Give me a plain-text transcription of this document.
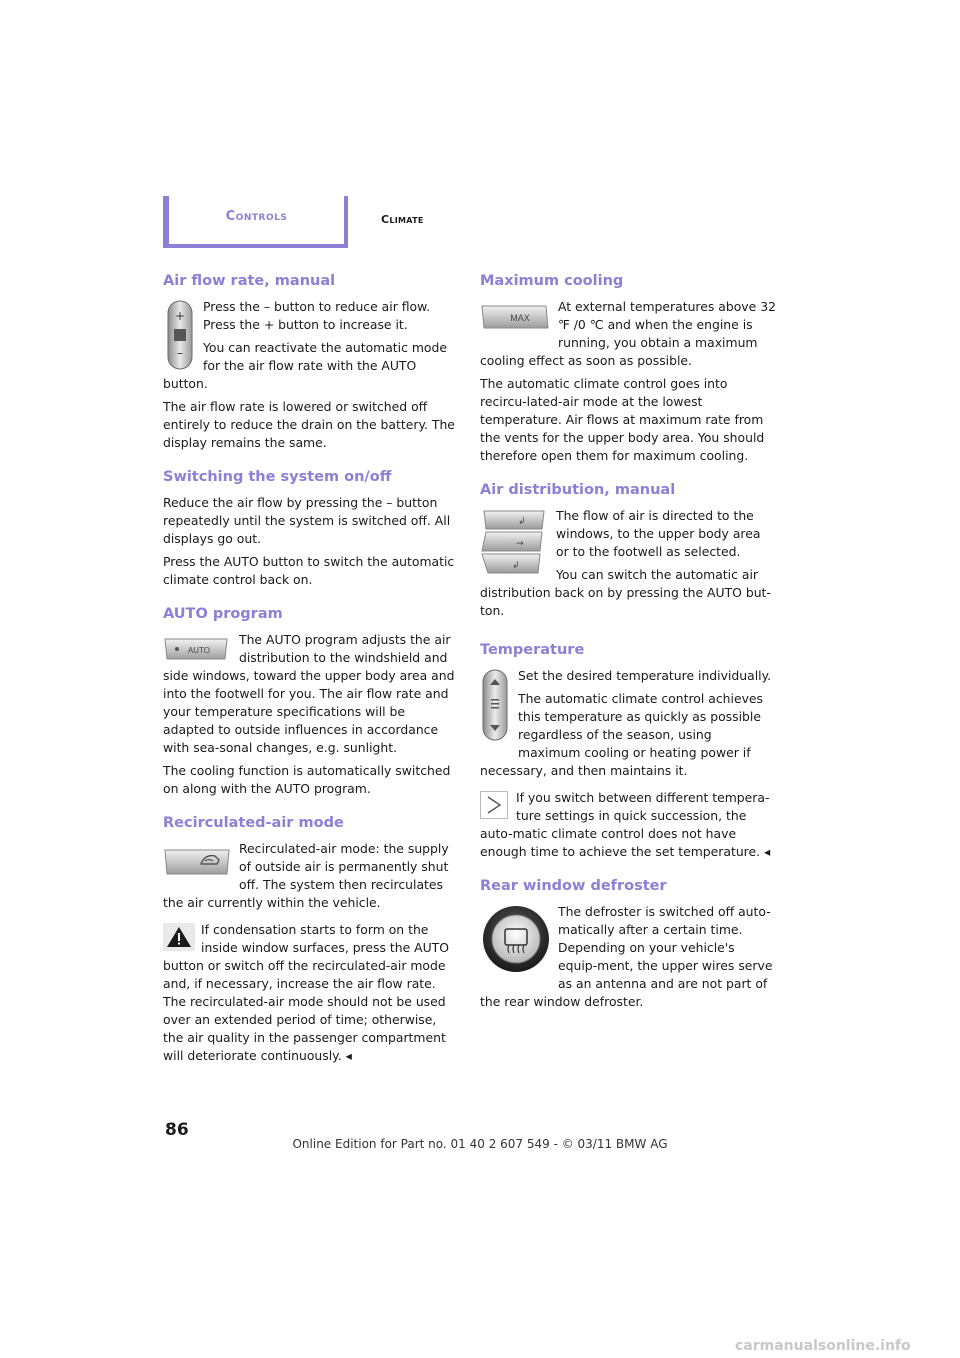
Controls	Climate
Air flow rate, manual
+
–

Press the – button to reduce air flow. Press the + button to increase it.

You can reactivate the automatic mode for the air flow rate with the AUTO button.

The air flow rate is lowered or switched off entirely to reduce the drain on the battery. The display remains the same.

Switching the system on/off

Reduce the air flow by pressing the – button repeatedly until the system is switched off. All displays go out.

Press the AUTO button to switch the automatic climate control back on.

AUTO program
AUTO

The AUTO program adjusts the air distribution to the windshield and side windows, toward the upper body area and into the footwell for you. The air flow rate and your temperature specifications will be adapted to outside influences in accordance with sea-sonal changes, e.g. sunlight.

The cooling function is automatically switched on along with the AUTO program.

Recirculated-air mode

Recirculated-air mode: the supply of outside air is permanently shut off. The system then recirculates the air currently within the vehicle.

If condensation starts to form on the inside window surfaces, press the AUTO button or switch off the recirculated-air mode and, if necessary, increase the air flow rate. The recirculated-air mode should not be used over an extended period of time; otherwise, the air quality in the passenger compartment will deteriorate continuously. ◂

Maximum cooling
MAX

At external temperatures above 32 ℉ /0 ℃ and when the engine is running, you obtain a maximum cooling effect as soon as possible.

The automatic climate control goes into recircu-lated-air mode at the lowest temperature. Air flows at maximum rate from the vents for the upper body area. You should therefore open them for maximum cooling.

Air distribution, manual
↲
→
↲

The flow of air is directed to the windows, to the upper body area or to the footwell as selected.

You can switch the automatic air distribution back on by pressing the AUTO but-ton.

Temperature

Set the desired temperature individually.

The automatic climate control achieves this temperature as quickly as possible regardless of the season, using maximum cooling or heating power if necessary, and then maintains it.

If you switch between different tempera-ture settings in quick succession, the auto-matic climate control does not have enough time to achieve the set temperature. ◂

Rear window defroster

The defroster is switched off auto-matically after a certain time. Depending on your vehicle's equip-ment, the upper wires serve as an antenna and are not part of the rear window defroster.

86
Online Edition for Part no. 01 40 2 607 549 - © 03/11 BMW AG
carmanualsonline.info
